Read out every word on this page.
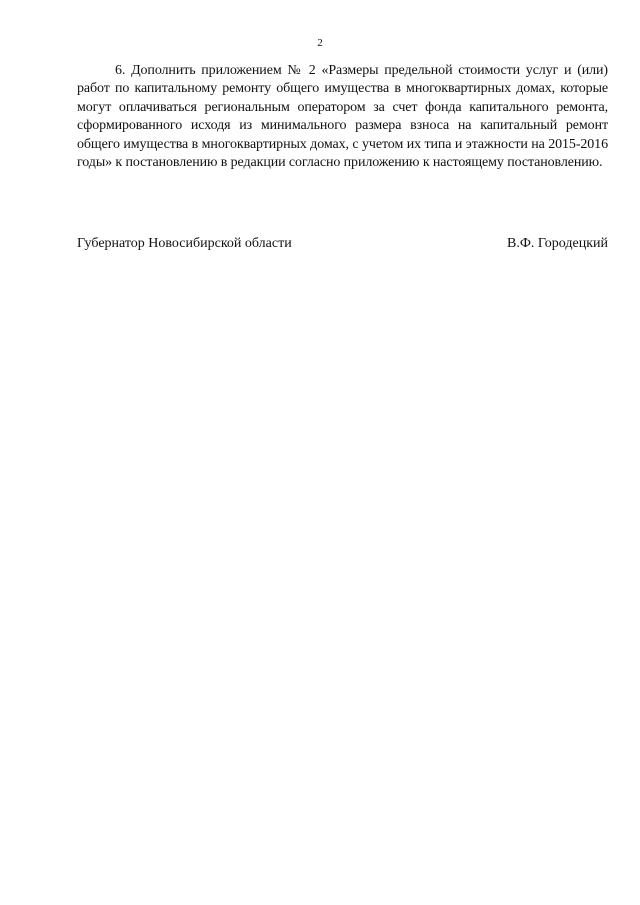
2

6. Дополнить приложением № 2 «Размеры предельной стоимости услуг и (или) работ по капитальному ремонту общего имущества в многоквартирных домах, которые могут оплачиваться региональным оператором за счет фонда капитального ремонта, сформированного исходя из минимального размера взноса на капитальный ремонт общего имущества в многоквартирных домах, с учетом их типа и этажности на 2015-2016 годы» к постановлению в редакции согласно приложению к настоящему постановлению.

Губернатор Новосибирской области	В.Ф. Городецкий
